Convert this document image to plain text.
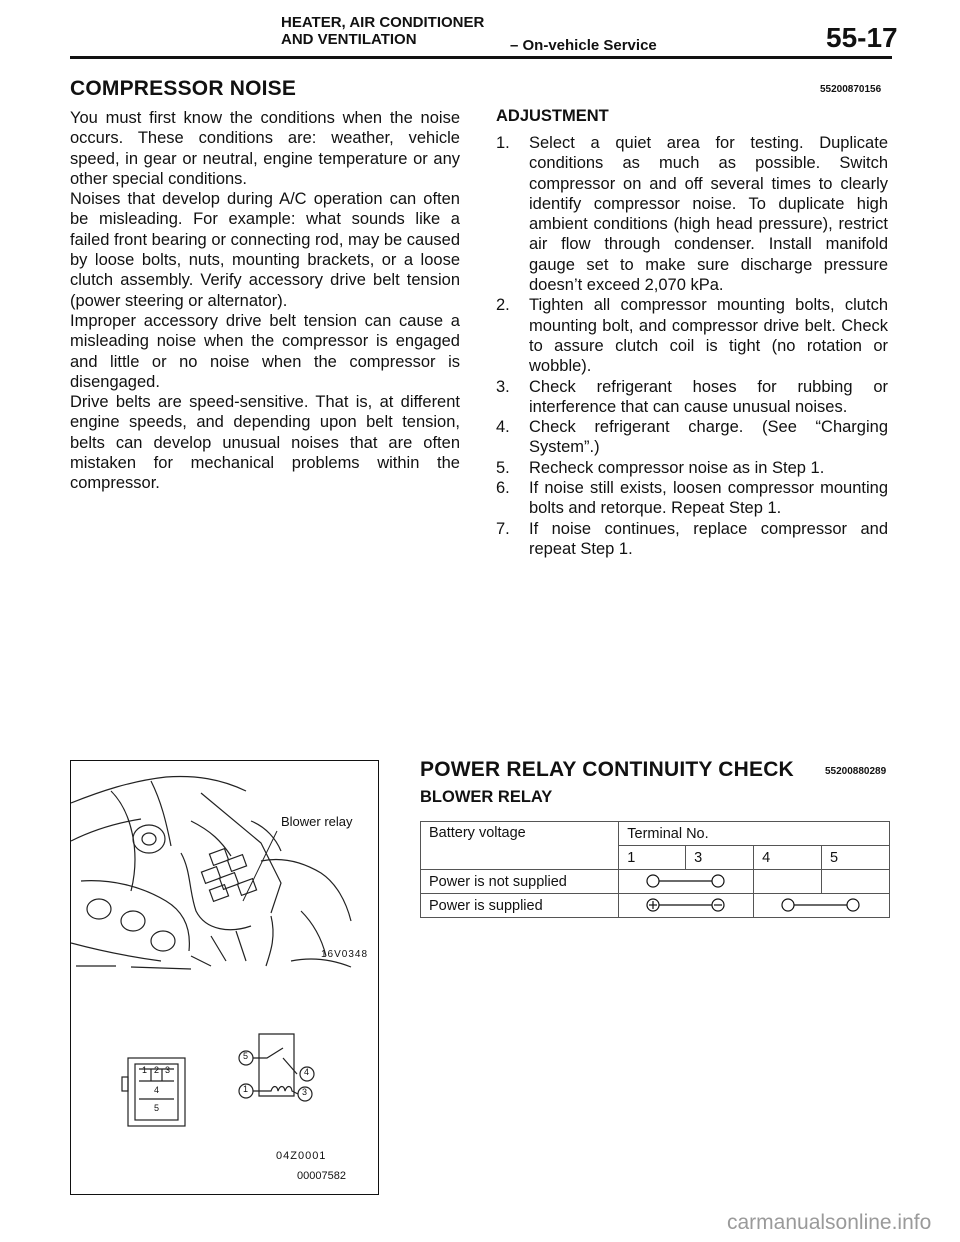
HEATER, AIR CONDITIONER
AND VENTILATION	– On-vehicle Service	55-17
COMPRESSOR NOISE	55200870156

You must first know the conditions when the noise occurs. These conditions are: weather, vehicle speed, in gear or neutral, engine temperature or any other special conditions.

Noises that develop during A/C operation can often be misleading. For example: what sounds like a failed front bearing or connecting rod, may be caused by loose bolts, nuts, mounting brackets, or a loose clutch assembly. Verify accessory drive belt tension (power steering or alternator).

Improper accessory drive belt tension can cause a misleading noise when the compressor is engaged and little or no noise when the compressor is disengaged.

Drive belts are speed-sensitive. That is, at different engine speeds, and depending upon belt tension, belts can develop unusual noises that are often mistaken for mechanical problems within the compressor.

ADJUSTMENT
1. Select a quiet area for testing. Duplicate conditions as much as possible. Switch compressor on and off several times to clearly identify compressor noise. To duplicate high ambient conditions (high head pressure), restrict air flow through condenser. Install manifold gauge set to make sure discharge pressure doesn’t exceed 2,070 kPa.
2. Tighten all compressor mounting bolts, clutch mounting bolt, and compressor drive belt. Check to assure clutch coil is tight (no rotation or wobble).
3. Check refrigerant hoses for rubbing or interference that can cause unusual noises.
4. Check refrigerant charge. (See “Charging System”.)
5. Recheck compressor noise as in Step 1.
6. If noise still exists, loosen compressor mounting bolts and retorque. Repeat Step 1.
7. If noise continues, replace compressor and repeat Step 1.
Blower relay
16V0348
1 2 3
4
5
5
1
4
3
04Z0001
00007582
POWER RELAY CONTINUITY CHECK	55200880289
BLOWER RELAY
Battery voltage	Terminal No.			
	1	3	4	5
Power is not supplied	

Power is supplied	

carmanualsonline.info
